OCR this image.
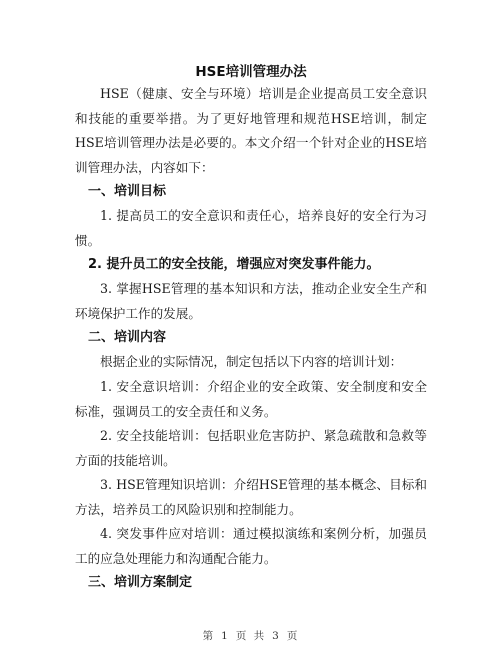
HSE培训管理办法

HSE（健康、安全与环境）培训是企业提高员工安全意识和技能的重要举措。为了更好地管理和规范HSE培训，制定HSE培训管理办法是必要的。本文介绍一个针对企业的HSE培训管理办法，内容如下：

一、培训目标

1. 提高员工的安全意识和责任心，培养良好的安全行为习惯。

2. 提升员工的安全技能，增强应对突发事件能力。

3. 掌握HSE管理的基本知识和方法，推动企业安全生产和环境保护工作的发展。

二、培训内容

根据企业的实际情况，制定包括以下内容的培训计划：

1. 安全意识培训：介绍企业的安全政策、安全制度和安全标准，强调员工的安全责任和义务。

2. 安全技能培训：包括职业危害防护、紧急疏散和急救等方面的技能培训。

3. HSE管理知识培训：介绍HSE管理的基本概念、目标和方法，培养员工的风险识别和控制能力。

4. 突发事件应对培训：通过模拟演练和案例分析，加强员工的应急处理能力和沟通配合能力。

三、培训方案制定
第 1 页 共 3 页
